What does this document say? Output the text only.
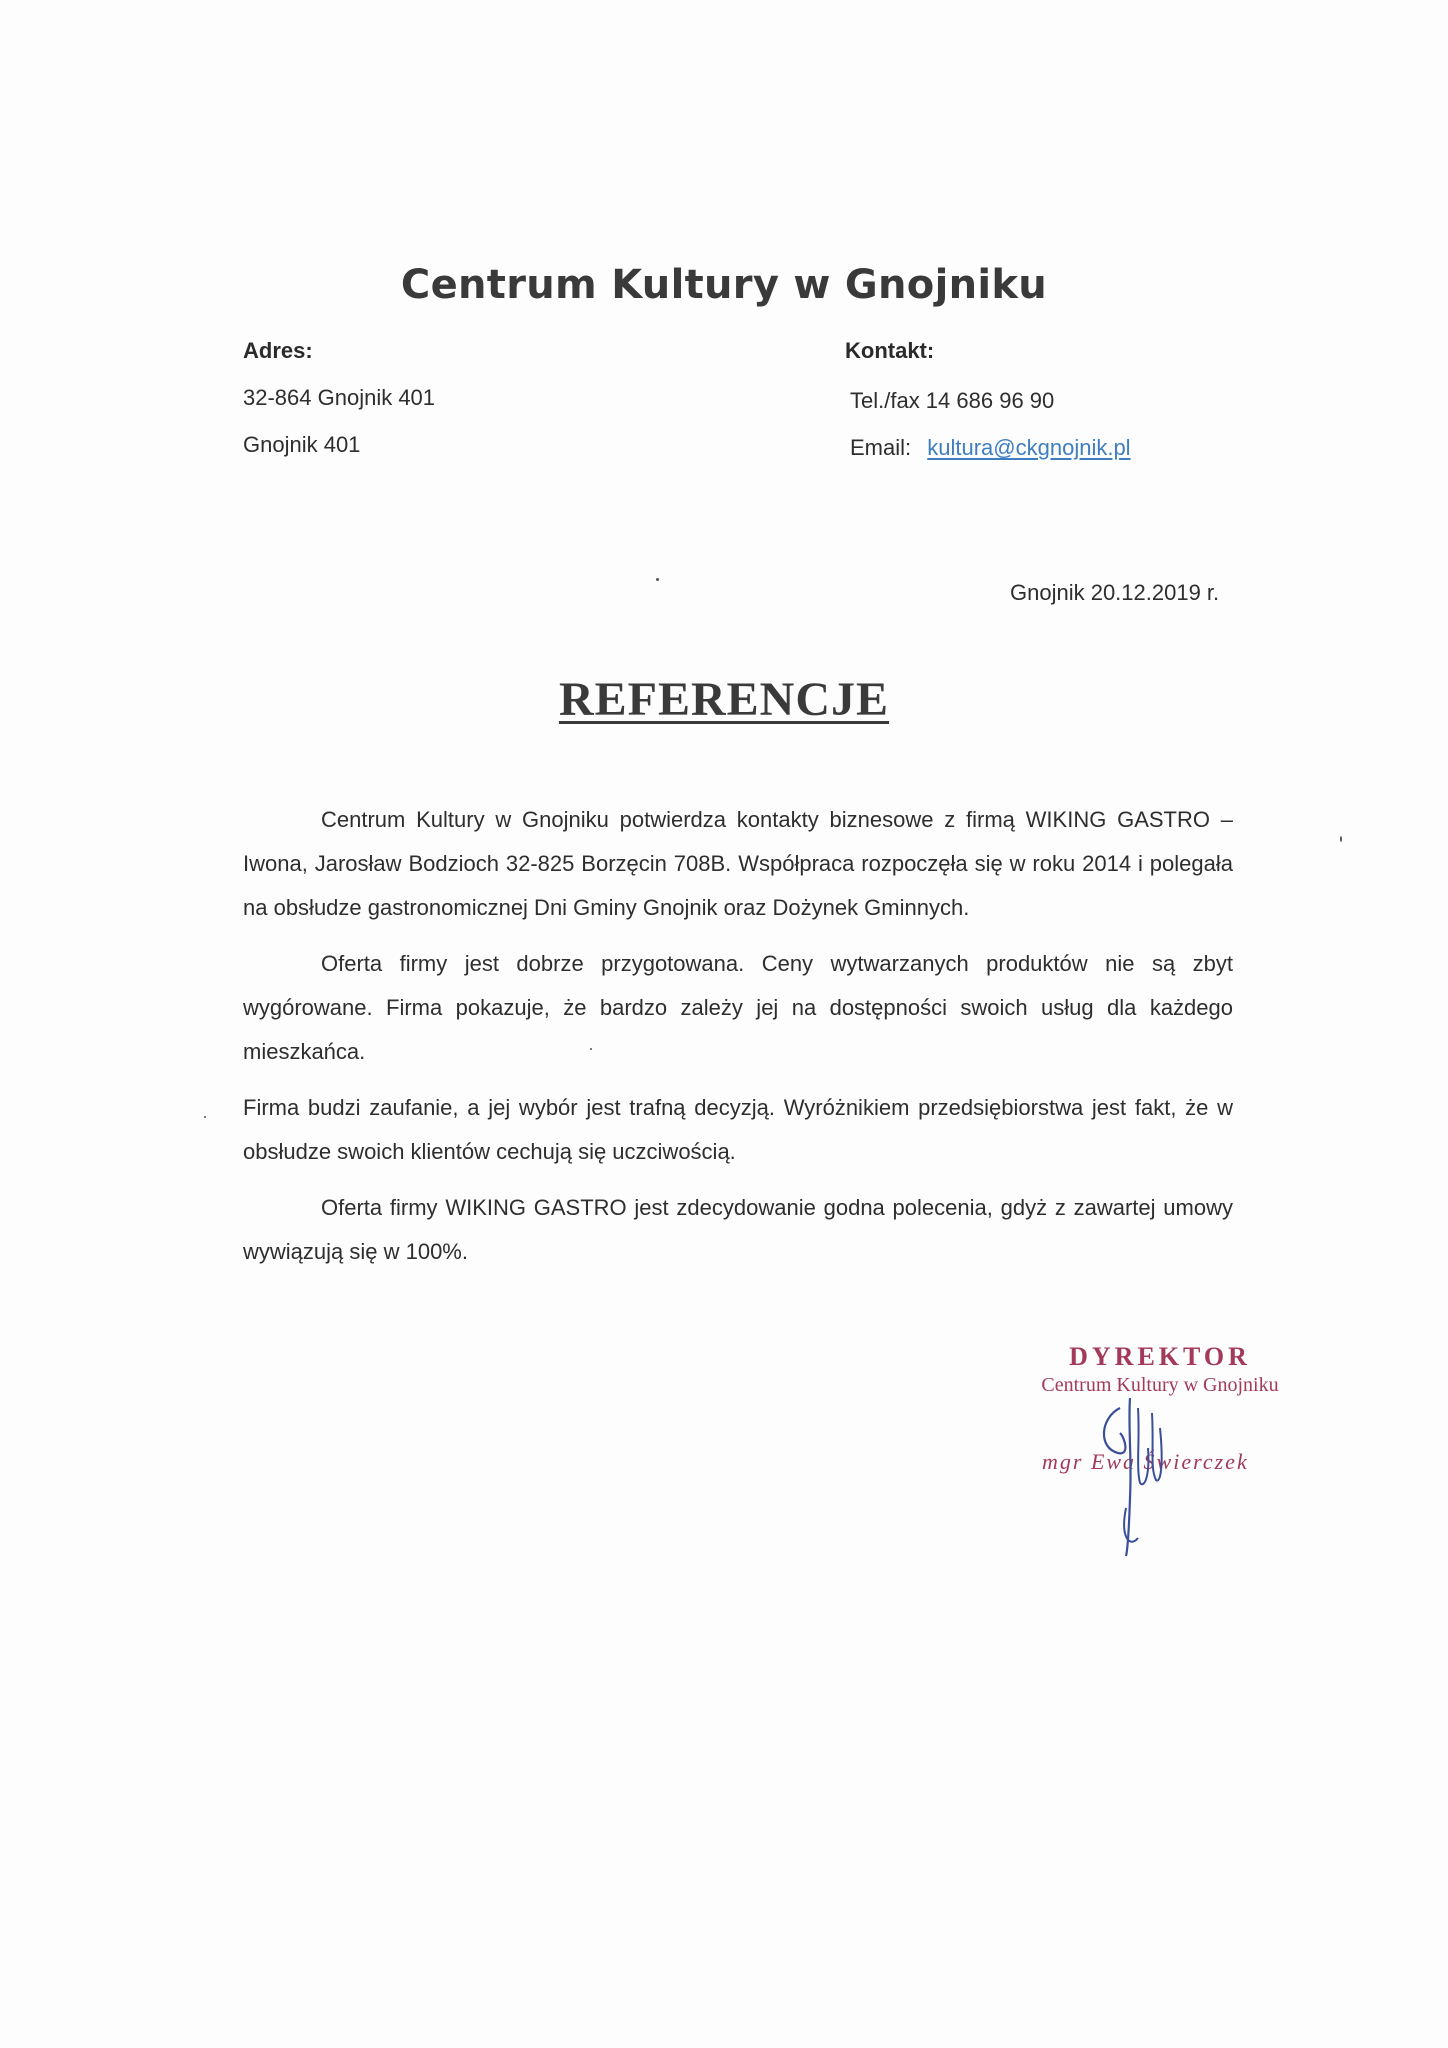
Centrum Kultury w Gnojniku
Adres:
32-864 Gnojnik 401
Gnojnik 401
Kontakt:
Tel./fax 14 686 96 90
Email: kultura@ckgnojnik.pl
Gnojnik 20.12.2019 r.
REFERENCJE

Centrum Kultury w Gnojniku potwierdza kontakty biznesowe z firmą WIKING GASTRO – Iwona, Jarosław Bodzioch 32-825 Borzęcin 708B. Współpraca rozpoczęła się w roku 2014 i polegała na obsłudze gastronomicznej Dni Gminy Gnojnik oraz Dożynek Gminnych.

Oferta firmy jest dobrze przygotowana. Ceny wytwarzanych produktów nie są zbyt wygórowane. Firma pokazuje, że bardzo zależy jej na dostępności swoich usług dla każdego mieszkańca.

Firma budzi zaufanie, a jej wybór jest trafną decyzją. Wyróżnikiem przedsiębiorstwa jest fakt, że w obsłudze swoich klientów cechują się uczciwością.

Oferta firmy WIKING GASTRO jest zdecydowanie godna polecenia, gdyż z zawartej umowy wywiązują się w 100%.

DYREKTOR
Centrum Kultury w Gnojniku
mgr Ewa Świerczek
